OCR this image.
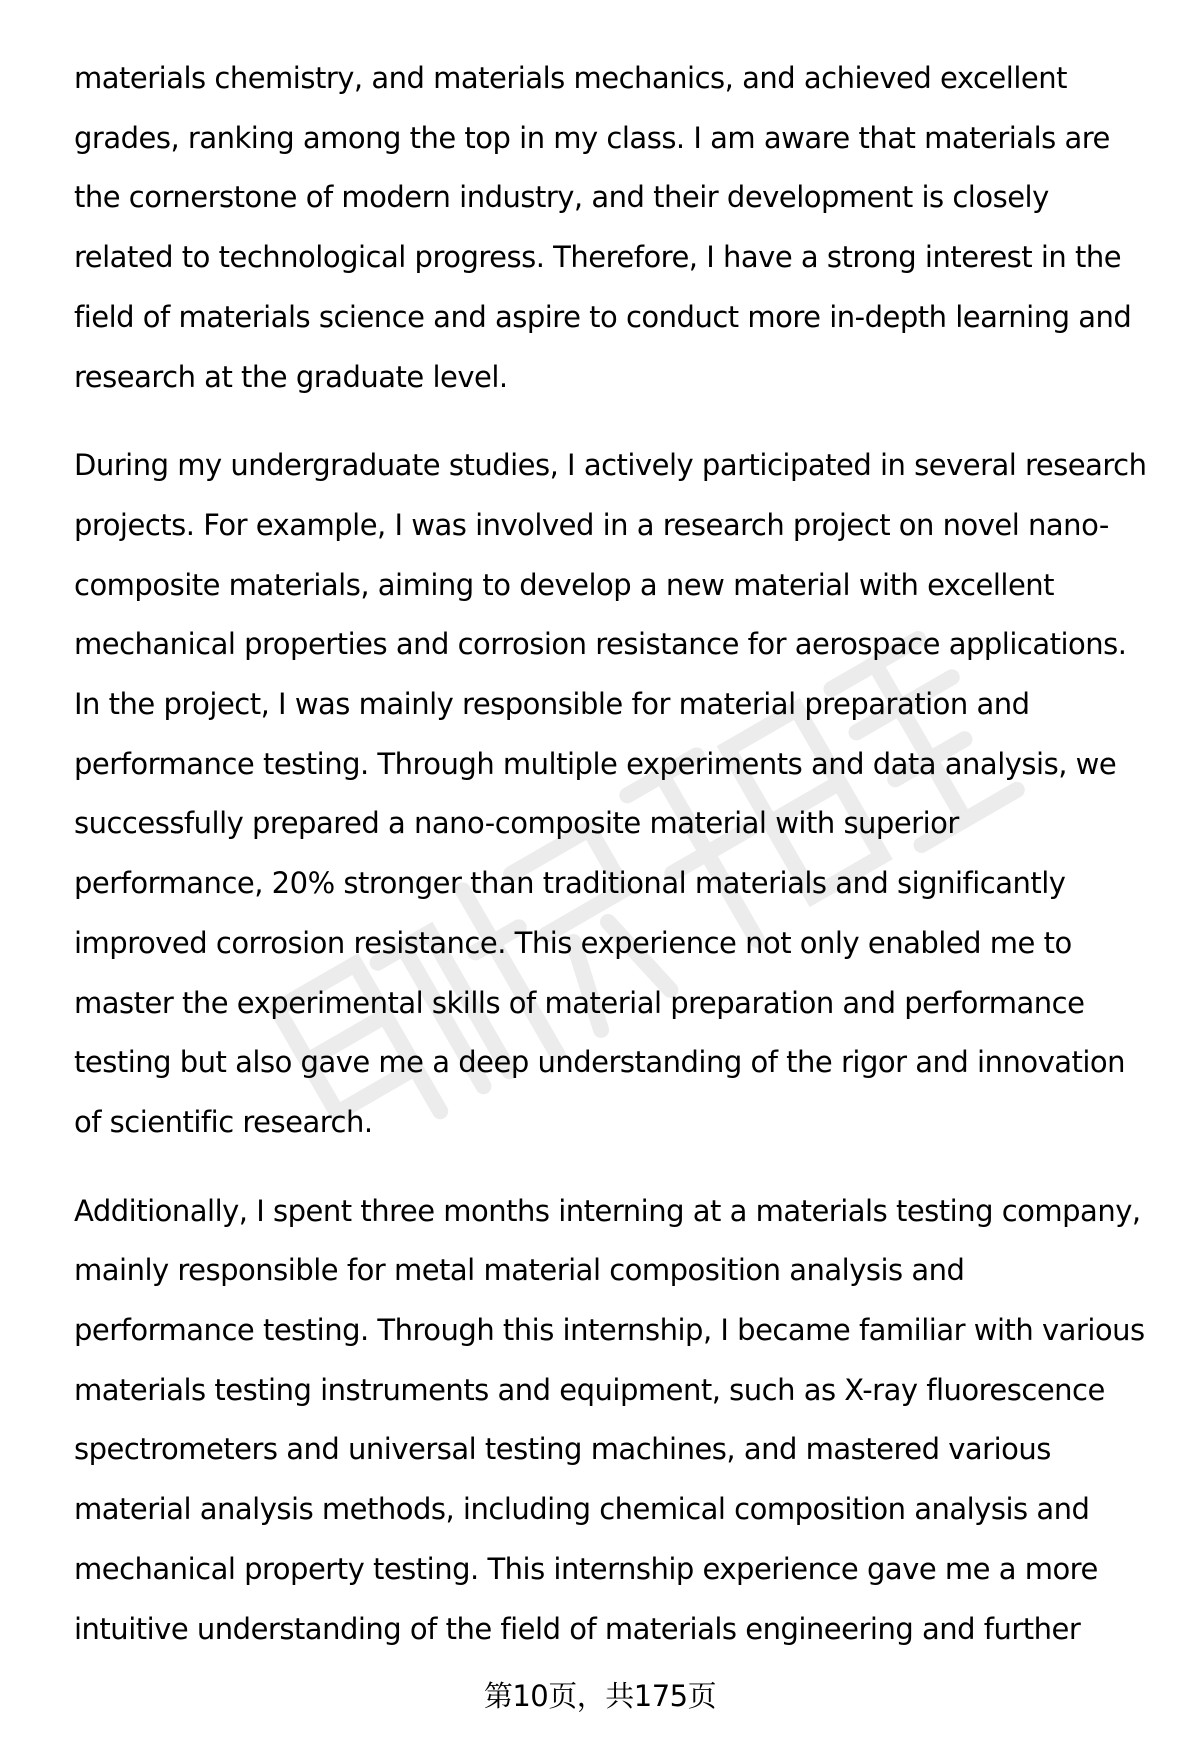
materials chemistry, and materials mechanics, and achieved excellent
grades, ranking among the top in my class. I am aware that materials are
the cornerstone of modern industry, and their development is closely
related to technological progress. Therefore, I have a strong interest in the
field of materials science and aspire to conduct more in-depth learning and
research at the graduate level.

During my undergraduate studies, I actively participated in several research
projects. For example, I was involved in a research project on novel nano-
composite materials, aiming to develop a new material with excellent
mechanical properties and corrosion resistance for aerospace applications.
In the project, I was mainly responsible for material preparation and
performance testing. Through multiple experiments and data analysis, we
successfully prepared a nano-composite material with superior
performance, 20% stronger than traditional materials and significantly
improved corrosion resistance. This experience not only enabled me to
master the experimental skills of material preparation and performance
testing but also gave me a deep understanding of the rigor and innovation
of scientific research.

Additionally, I spent three months interning at a materials testing company,
mainly responsible for metal material composition analysis and
performance testing. Through this internship, I became familiar with various
materials testing instruments and equipment, such as X-ray fluorescence
spectrometers and universal testing machines, and mastered various
material analysis methods, including chemical composition analysis and
mechanical property testing. This internship experience gave me a more
intuitive understanding of the field of materials engineering and further

第10页，共175页
